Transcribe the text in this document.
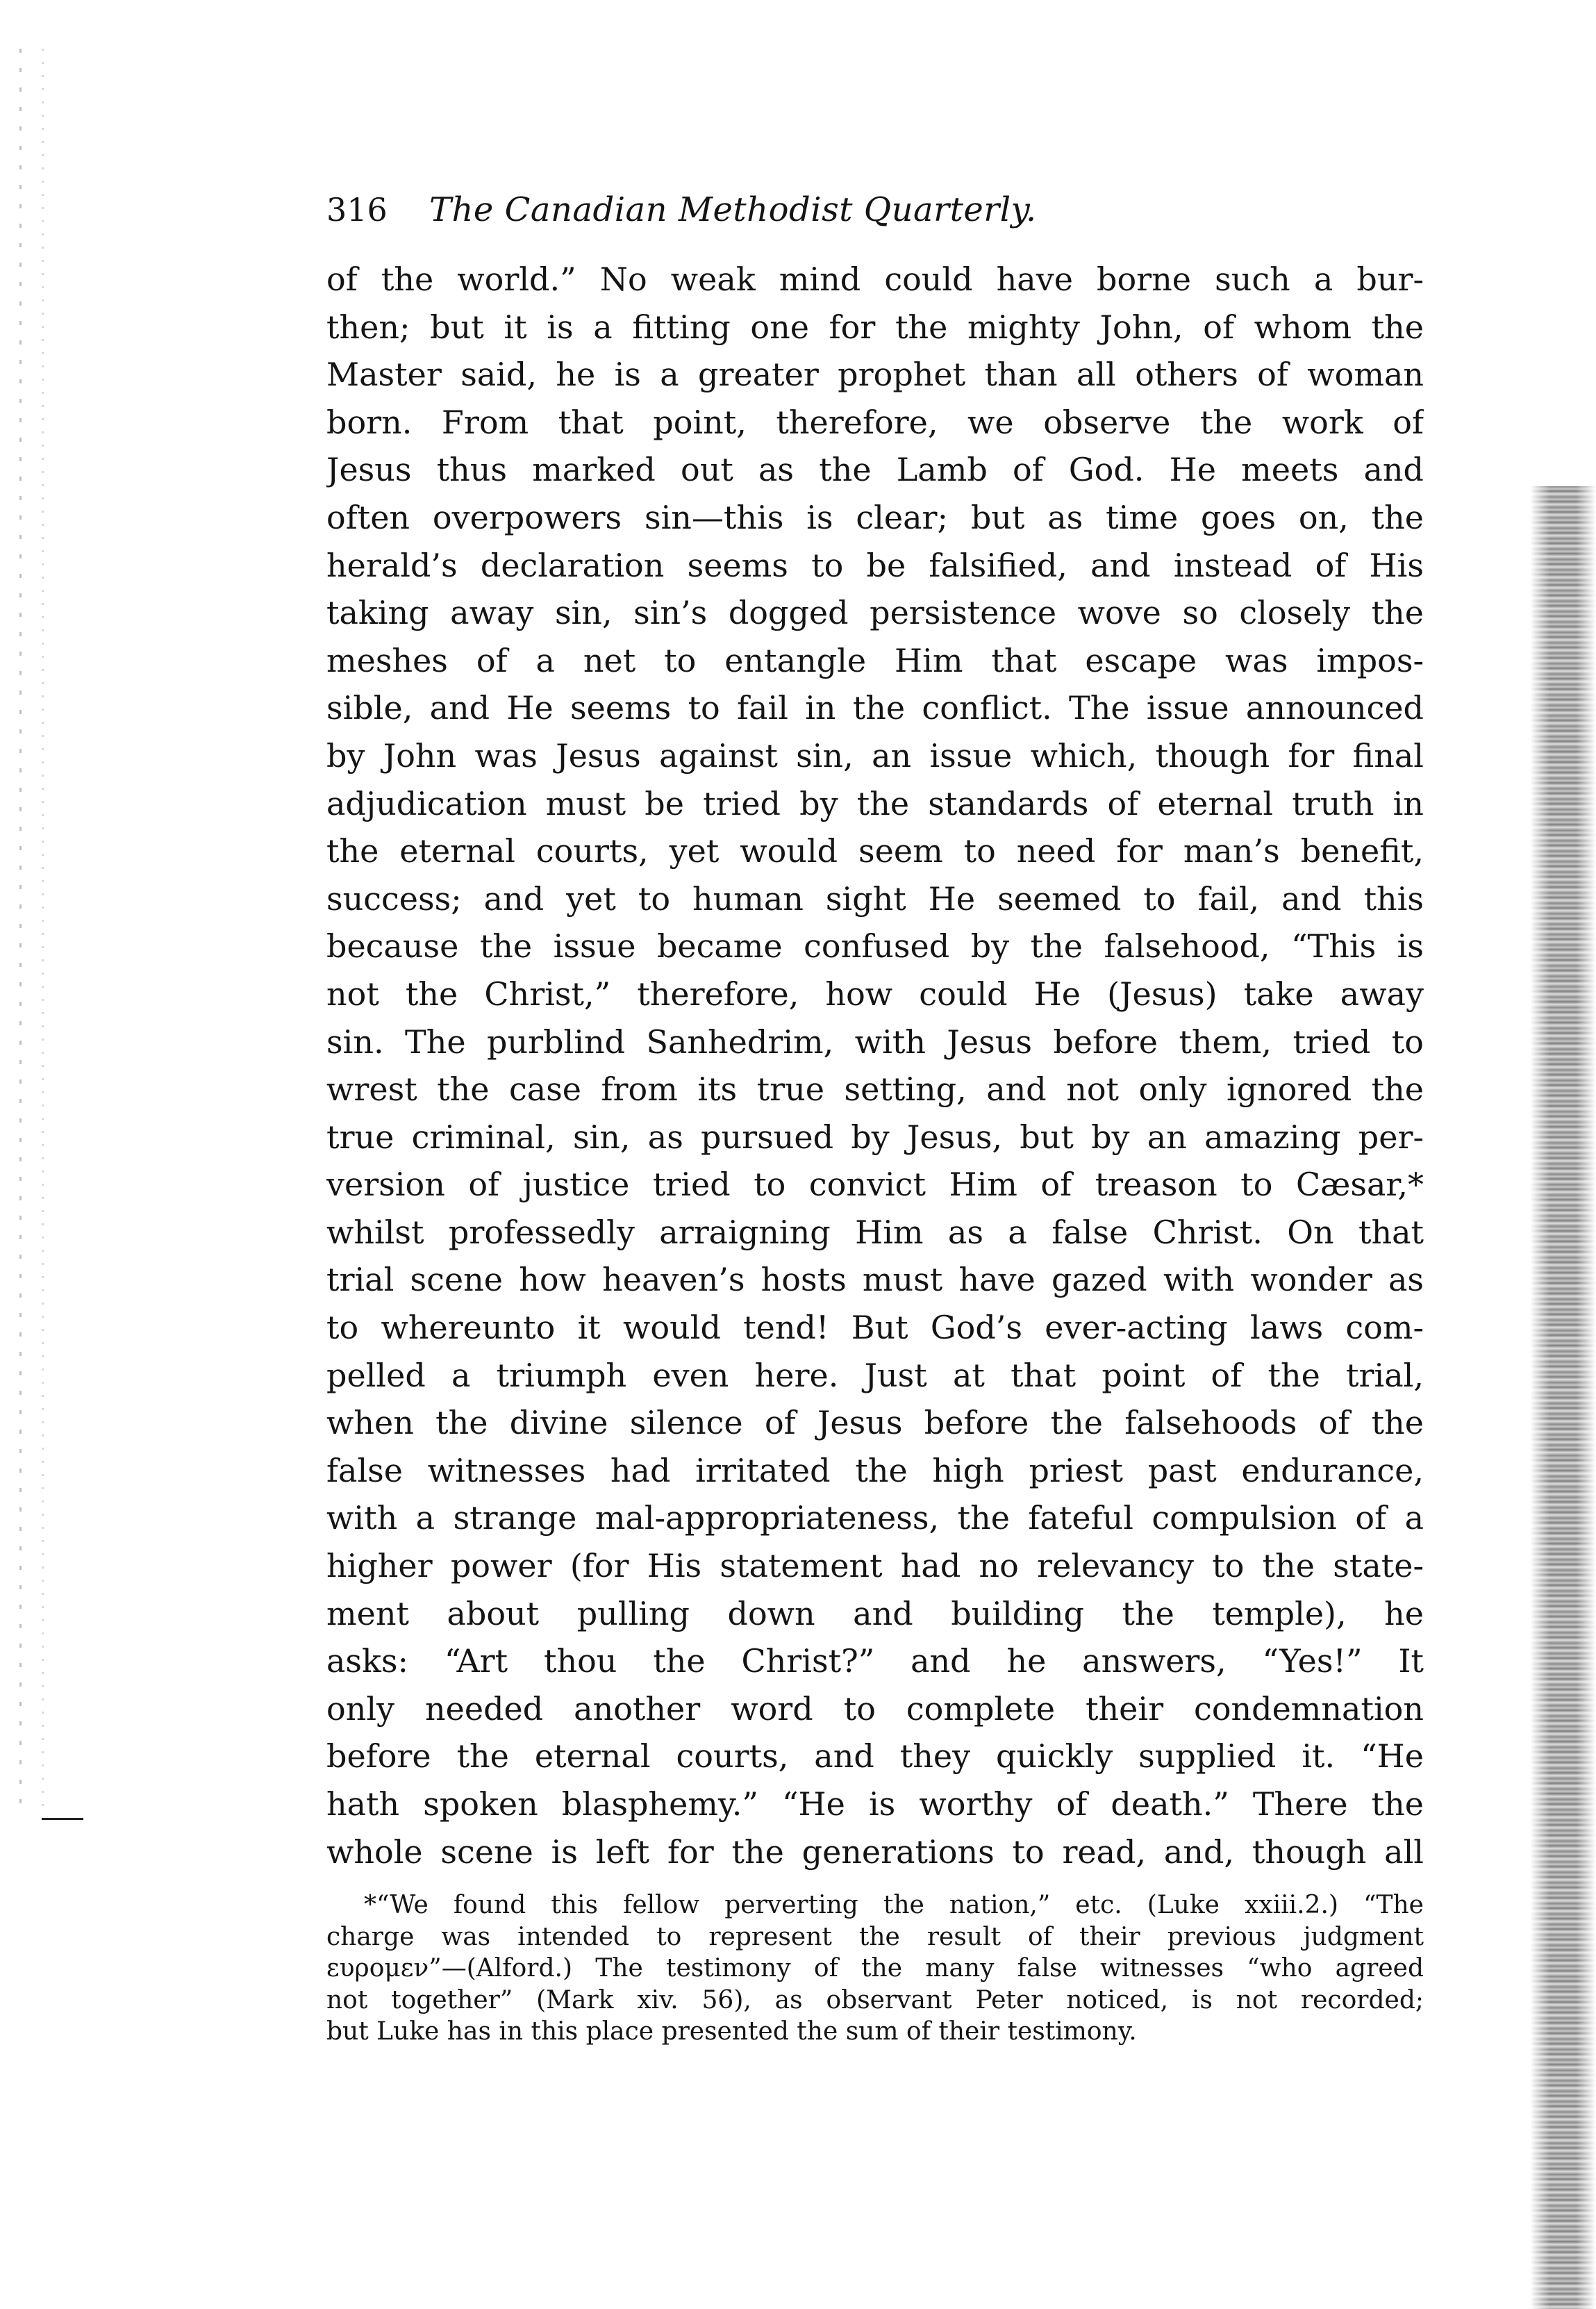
316 The Canadian Methodist Quarterly.
of the world.” No weak mind could have borne such a bur-
then; but it is a fitting one for the mighty John, of whom the
Master said, he is a greater prophet than all others of woman
born. From that point, therefore, we observe the work of
Jesus thus marked out as the Lamb of God. He meets and
often overpowers sin—this is clear; but as time goes on, the
herald’s declaration seems to be falsified, and instead of His
taking away sin, sin’s dogged persistence wove so closely the
meshes of a net to entangle Him that escape was impos-
sible, and He seems to fail in the conflict. The issue announced
by John was Jesus against sin, an issue which, though for final
adjudication must be tried by the standards of eternal truth in
the eternal courts, yet would seem to need for man’s benefit,
success; and yet to human sight He seemed to fail, and this
because the issue became confused by the falsehood, “This is
not the Christ,” therefore, how could He (Jesus) take away
sin. The purblind Sanhedrim, with Jesus before them, tried to
wrest the case from its true setting, and not only ignored the
true criminal, sin, as pursued by Jesus, but by an amazing per-
version of justice tried to convict Him of treason to Cæsar,*
whilst professedly arraigning Him as a false Christ. On that
trial scene how heaven’s hosts must have gazed with wonder as
to whereunto it would tend! But God’s ever-acting laws com-
pelled a triumph even here. Just at that point of the trial,
when the divine silence of Jesus before the falsehoods of the
false witnesses had irritated the high priest past endurance,
with a strange mal-appropriateness, the fateful compulsion of a
higher power (for His statement had no relevancy to the state-
ment about pulling down and building the temple), he
asks: “Art thou the Christ?” and he answers, “Yes!” It
only needed another word to complete their condemnation
before the eternal courts, and they quickly supplied it. “He
hath spoken blasphemy.” “He is worthy of death.” There the
whole scene is left for the generations to read, and, though all
*“We found this fellow perverting the nation,” etc. (Luke xxiii.2.) “The
charge was intended to represent the result of their previous judgment
ευρομεν”—(Alford.) The testimony of the many false witnesses “who agreed
not together” (Mark xiv. 56), as observant Peter noticed, is not recorded;
but Luke has in this place presented the sum of their testimony.
